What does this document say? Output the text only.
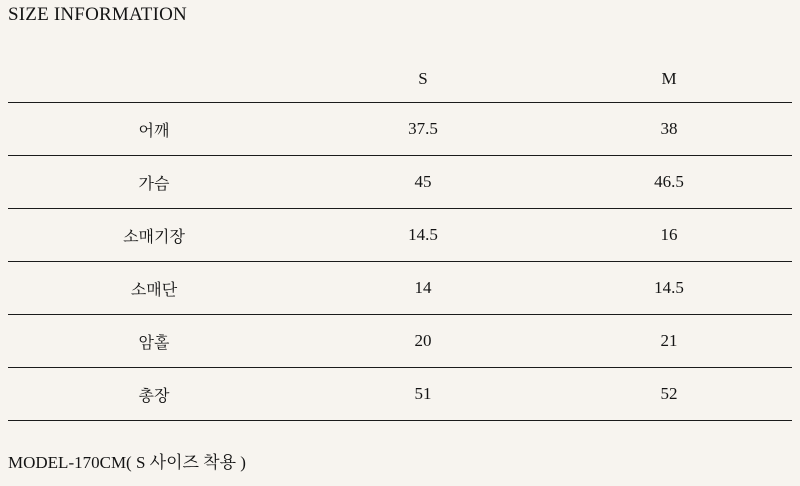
SIZE INFORMATION
	S	M
어깨	37.5	38
가슴	45	46.5
소매기장	14.5	16
소매단	14	14.5
암홀	20	21
총장	51	52
MODEL-170CM( S 사이즈 착용 )
